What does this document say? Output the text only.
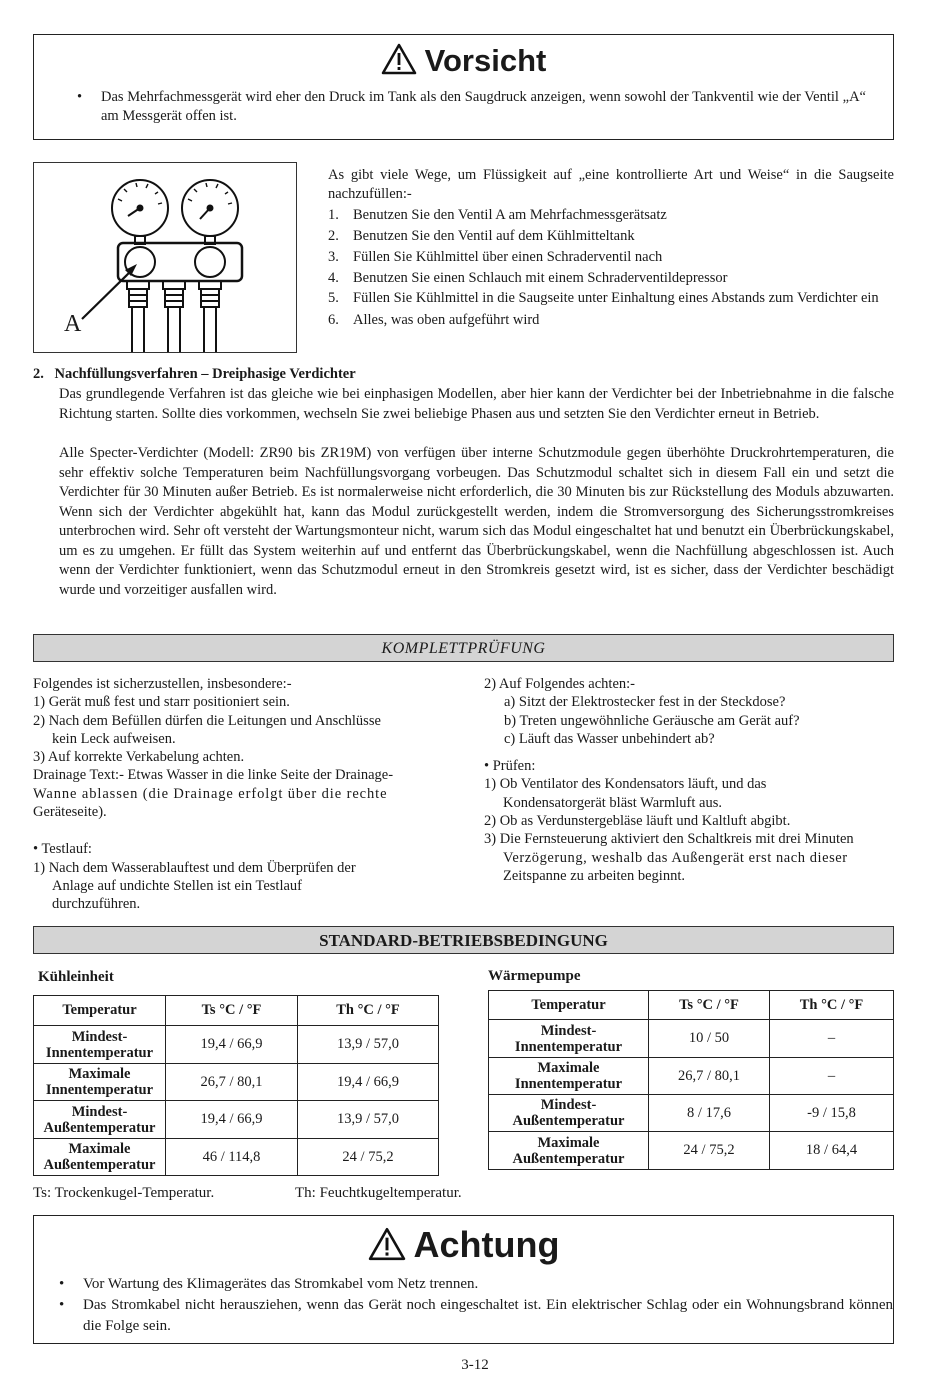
Vorsicht
• Das Mehrfachmessgerät wird eher den Druck im Tank als den Saugdruck anzeigen, wenn sowohl der Tankventil wie der Ventil „A“ am Messgerät offen ist.
A
As gibt viele Wege, um Flüssigkeit auf „eine kontrollierte Art und Weise“ in die Saugseite nachzufüllen:-
1. Benutzen Sie den Ventil A am Mehrfachmessgerätsatz
2. Benutzen Sie den Ventil auf dem Kühlmitteltank
3. Füllen Sie Kühlmittel über einen Schraderventil nach
4. Benutzen Sie einen Schlauch mit einem Schraderventildepressor
5. Füllen Sie Kühlmittel in die Saugseite unter Einhaltung eines Abstands zum Verdichter ein
6. Alles, was oben aufgeführt wird
2. Nachfüllungsverfahren – Dreiphasige Verdichter
Das grundlegende Verfahren ist das gleiche wie bei einphasigen Modellen, aber hier kann der Verdichter bei der Inbetriebnahme in die falsche Richtung starten. Sollte dies vorkommen, wechseln Sie zwei beliebige Phasen aus und setzten Sie den Verdichter erneut in Betrieb.
Alle Specter-Verdichter (Modell: ZR90 bis ZR19M) von verfügen über interne Schutzmodule gegen überhöhte Druckrohrtemperaturen, die sehr effektiv solche Temperaturen beim Nachfüllungsvorgang vorbeugen. Das Schutzmodul schaltet sich in diesem Fall ein und setzt die Verdichter für 30 Minuten außer Betrieb. Es ist normalerweise nicht erforderlich, die 30 Minuten bis zur Rückstellung des Moduls abzuwarten. Wenn sich der Verdichter abgekühlt hat, kann das Modul zurückgestellt werden, indem die Stromversorgung des Sicherungsstromkreises unterbrochen wird. Sehr oft versteht der Wartungsmonteur nicht, warum sich das Modul eingeschaltet hat und benutzt ein Überbrückungskabel, um es zu umgehen. Er füllt das System weiterhin auf und entfernt das Überbrückungskabel, wenn die Nachfüllung abgeschlossen ist. Auch wenn der Verdichter funktioniert, wenn das Schutzmodul erneut in den Stromkreis gesetzt wird, ist es sicher, dass der Verdichter beschädigt wurde und vorzeitiger ausfallen wird.
KOMPLETTPRÜFUNG
Folgendes ist sicherzustellen, insbesondere:-
1) Gerät muß fest und starr positioniert sein.
2) Nach dem Befüllen dürfen die Leitungen und Anschlüsse
kein Leck aufweisen.
3) Auf korrekte Verkabelung achten.
Drainage Text:- Etwas Wasser in die linke Seite der Drainage-
Wanne ablassen (die Drainage erfolgt über die rechte
Geräteseite).
• Testlauf:
1) Nach dem Wasserablauftest und dem Überprüfen der
Anlage auf undichte Stellen ist ein Testlauf
durchzuführen.
2) Auf Folgendes achten:-
a) Sitzt der Elektrostecker fest in der Steckdose?
b) Treten ungewöhnliche Geräusche am Gerät auf?
c) Läuft das Wasser unbehindert ab?
• Prüfen:
1) Ob Ventilator des Kondensators läuft, und das
Kondensatorgerät bläst Warmluft aus.
2) Ob as Verdunstergebläse läuft und Kaltluft abgibt.
3) Die Fernsteuerung aktiviert den Schaltkreis mit drei Minuten
Verzögerung, weshalb das Außengerät erst nach dieser
Zeitspanne zu arbeiten beginnt.
STANDARD-BETRIEBSBEDINGUNG
Kühleinheit	Wärmepumpe
Temperatur	Ts °C / °F	Th °C / °F

Mindest-
Innentemperatur	19,4 / 66,9	13,9 / 57,0

Maximale
Innentemperatur	26,7 / 80,1	19,4 / 66,9

Mindest-
Außentemperatur	19,4 / 66,9	13,9 / 57,0

Maximale
Außentemperatur	46 / 114,8	24 / 75,2
Temperatur	Ts °C / °F	Th °C / °F

Mindest-
Innentemperatur	10 / 50	–

Maximale
Innentemperatur	26,7 / 80,1	–

Mindest-
Außentemperatur	8 / 17,6	-9 / 15,8

Maximale
Außentemperatur	24 / 75,2	18 / 64,4
Ts: Trockenkugel-Temperatur.	Th: Feuchtkugeltemperatur.
Achtung
• Vor Wartung des Klimagerätes das Stromkabel vom Netz trennen.
• Das Stromkabel nicht herausziehen, wenn das Gerät noch eingeschaltet ist. Ein elektrischer Schlag oder ein Wohnungsbrand können die Folge sein.
3-12
